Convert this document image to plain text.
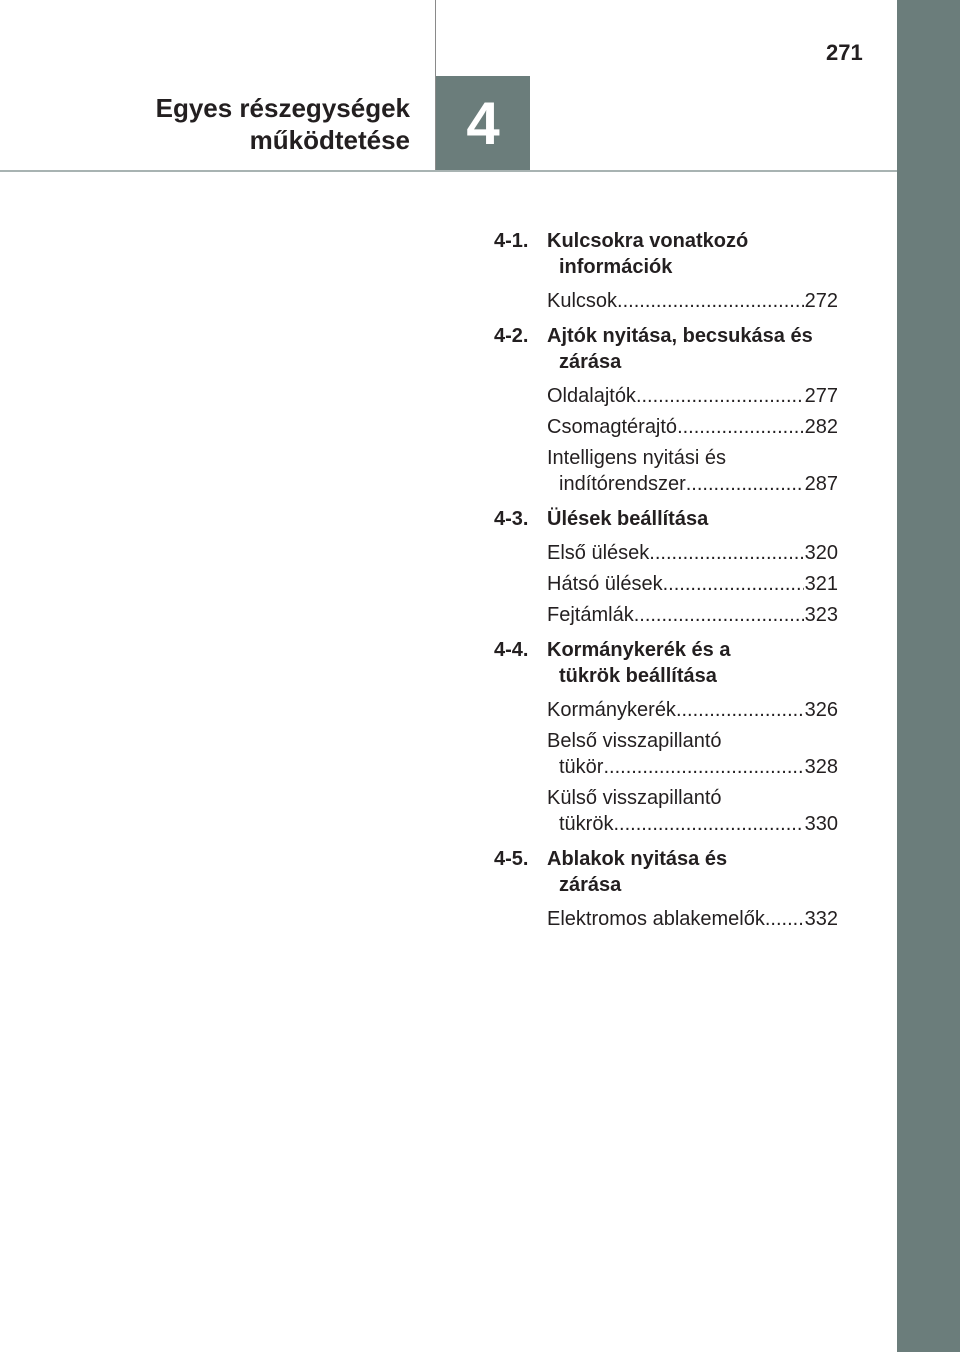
271
Egyes részegységek
működtetése 4
4-1. Kulcsokra vonatkozó
információk
Kulcsok .....	272
4-2. Ajtók nyitása, becsukása és
zárása
Oldalajtók .....	277
Csomagtérajtó .....	282
Intelligens nyitási és
indítórendszer .....	287
4-3. Ülések beállítása
Első ülések .....	320
Hátsó ülések .....	321
Fejtámlák .....	323
4-4. Kormánykerék és a
tükrök beállítása
Kormánykerék .....	326
Belső visszapillantó
tükör .....	328
Külső visszapillantó
tükrök .....	330
4-5. Ablakok nyitása és
zárása
Elektromos ablakemelők ..... 332
